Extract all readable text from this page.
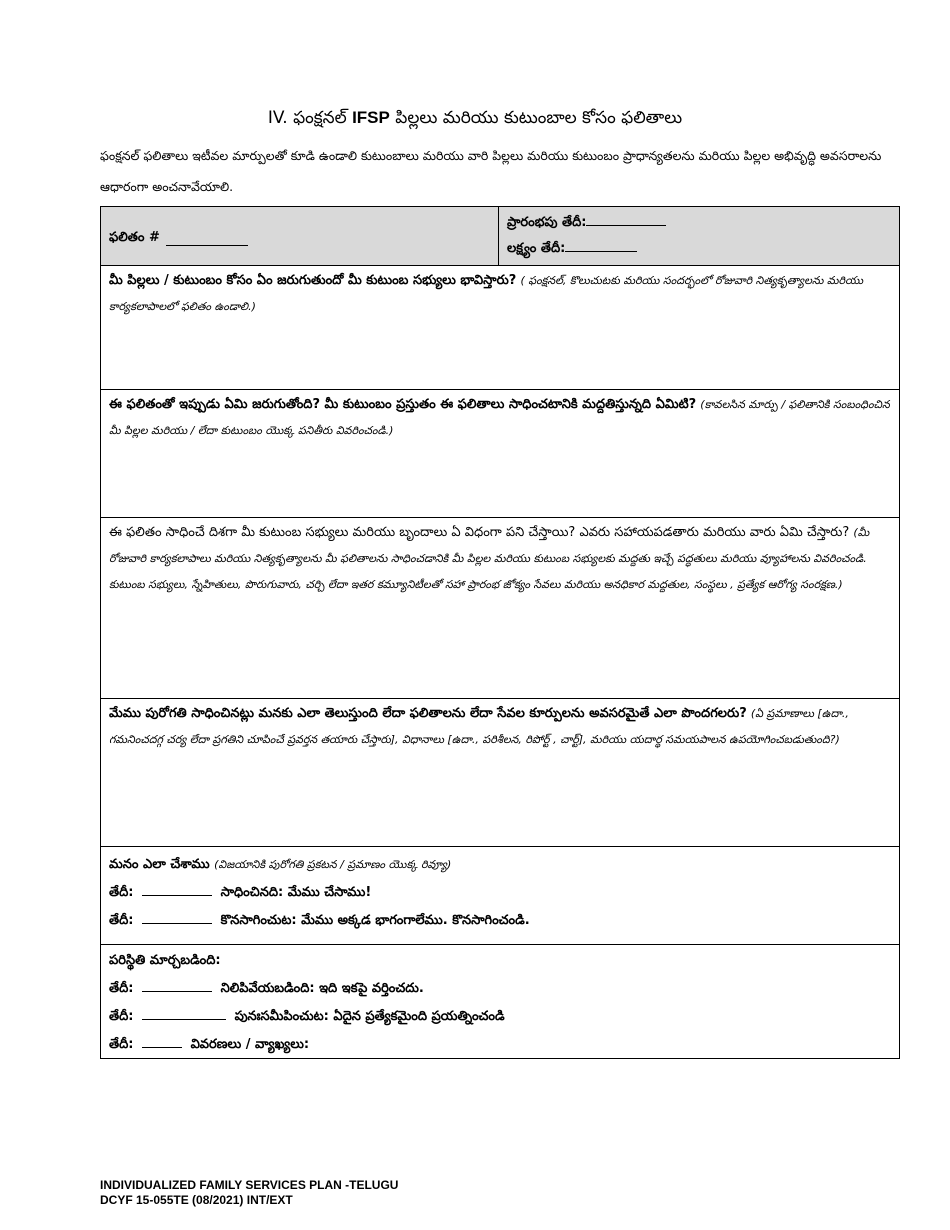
IV. ఫంక్షనల్ IFSP పిల్లలు మరియు కుటుంబాల కోసం ఫలితాలు
ఫంక్షనల్ ఫలితాలు ఇటీవల మార్పులతో కూడి ఉండాలి కుటుంబాలు మరియు వారి పిల్లలు మరియు కుటుంబం ప్రాధాన్యతలను మరియు పిల్లల అభివృద్ధి అవసరాలను ఆధారంగా అంచనావేయాలి.
ఫలితం #
ప్రారంభపు తేదీ:
లక్ష్యం తేదీ:
మీ పిల్లలు / కుటుంబం కోసం ఏం జరుగుతుందో మీ కుటుంబ సభ్యులు భావిస్తారు? ( ఫంక్షనల్, కొలుచుటకు మరియు సందర్భంలో రోజువారి నిత్యకృత్యాలను మరియు కార్యకలాపాలలో ఫలితం ఉండాలి.)
ఈ ఫలితంతో ఇప్పుడు ఏమి జరుగుతోంది? మీ కుటుంబం ప్రస్తుతం ఈ ఫలితాలు సాధించటానికి మద్దతిస్తున్నది ఏమిటి? (కావలసిన మార్పు / ఫలితానికి సంబంధించిన మీ పిల్లల మరియు / లేదా కుటుంబం యొక్క పనితీరు వివరించండి.)
ఈ ఫలితం సాధించే దిశగా మీ కుటుంబ సభ్యులు మరియు బృందాలు ఏ విధంగా పని చేస్తాయి? ఎవరు సహాయపడతారు మరియు వారు ఏమి చేస్తారు? (మీ రోజువారి కార్యకలాపాలు మరియు నిత్యకృత్యాలను మీ ఫలితాలను సాధించడానికి మీ పిల్లల మరియు కుటుంబ సభ్యులకు మద్దతు ఇచ్చే పద్ధతులు మరియు వ్యూహాలను వివరించండి. కుటుంబ సభ్యులు, స్నేహితులు, పొరుగువారు, చర్చి లేదా ఇతర కమ్యూనిటీలతో సహా ప్రారంభ జోక్యం సేవలు మరియు అనధికార మద్దతుల, సంస్థలు , ప్రత్యేక ఆరోగ్య సంరక్షణ.)
మేము పురోగతి సాధించినట్లు మనకు ఎలా తెలుస్తుంది లేదా ఫలితాలను లేదా సేవల కూర్పులను అవసరమైతే ఎలా పొందగలరు? (ఏ ప్రమాణాలు [ఉదా., గమనించదగ్గ చర్య లేదా ప్రగతిని చూపించే ప్రవర్తన తయారు చేస్తారు], విధానాలు [ఉదా., పరిశీలన, రిపోర్ట్ , చార్ట్], మరియు యదార్థ సమయపాలన ఉపయోగించబడుతుంది?)
మనం ఎలా చేశాము (విజయానికి పురోగతి ప్రకటన / ప్రమాణం యొక్క రివ్యూ)
తేదీ:	సాధించినది: మేము చేసాము!
తేదీ:	కొనసాగించుట: మేము అక్కడ భాగంగాలేము. కొనసాగించండి.
పరిస్థితి మార్చబడింది:
తేదీ:	నిలిపివేయబడింది: ఇది ఇకపై వర్తించదు.
తేదీ:	పునఃసమీపించుట: ఏదైన ప్రత్యేకమైంది ప్రయత్నించండి
తేదీ:	వివరణలు / వ్యాఖ్యలు:
INDIVIDUALIZED FAMILY SERVICES PLAN -TELUGU
DCYF 15-055TE (08/2021) INT/EXT
